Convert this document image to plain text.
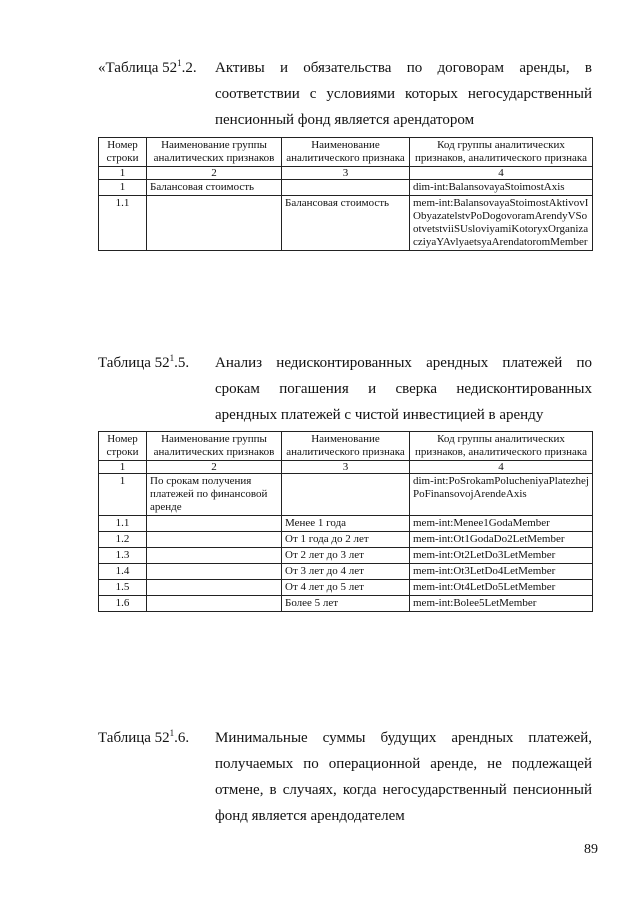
«Таблица $52^1.2$. Активы и обязательства по договорам аренды, в
соответствии с условиями которых негосударственный
пенсионный фонд является арендатором
Номер строки	Наименование группы аналитических признаков	Наименование аналитического признака	Код группы аналитических признаков, аналитического признака
1	2	3	4
1	Балансовая стоимость		dim-int:BalansovayaStoimostAxis
1.1		Балансовая стоимость	mem-int:BalansovayaStoimostAktivovIObyazatelstvPoDogovoramArendyVSootvetstviiSUsloviyamiKotoryxOrganizacziyaYAvlyaetsyaArendatoromMember
Таблица $52^1.5$. Анализ недисконтированных арендных платежей по
срокам погашения и сверка недисконтированных
арендных платежей с чистой инвестицией в аренду
Номер строки	Наименование группы аналитических признаков	Наименование аналитического признака	Код группы аналитических признаков, аналитического признака
1	2	3	4
1	По срокам получения платежей по финансовой аренде		dim-int:PoSrokamPolucheniyaPlatezhejPoFinansovojArendeAxis
1.1		Менее 1 года	mem-int:Menee1GodaMember
1.2		От 1 года до 2 лет	mem-int:Ot1GodaDo2LetMember
1.3		От 2 лет до 3 лет	mem-int:Ot2LetDo3LetMember
1.4		От 3 лет до 4 лет	mem-int:Ot3LetDo4LetMember
1.5		От 4 лет до 5 лет	mem-int:Ot4LetDo5LetMember
1.6		Более 5 лет	mem-int:Bolee5LetMember
Таблица $52^1.6$. Минимальные суммы будущих арендных платежей,
получаемых по операционной аренде, не подлежащей
отмене, в случаях, когда негосударственный пенсионный
фонд является арендодателем
89
